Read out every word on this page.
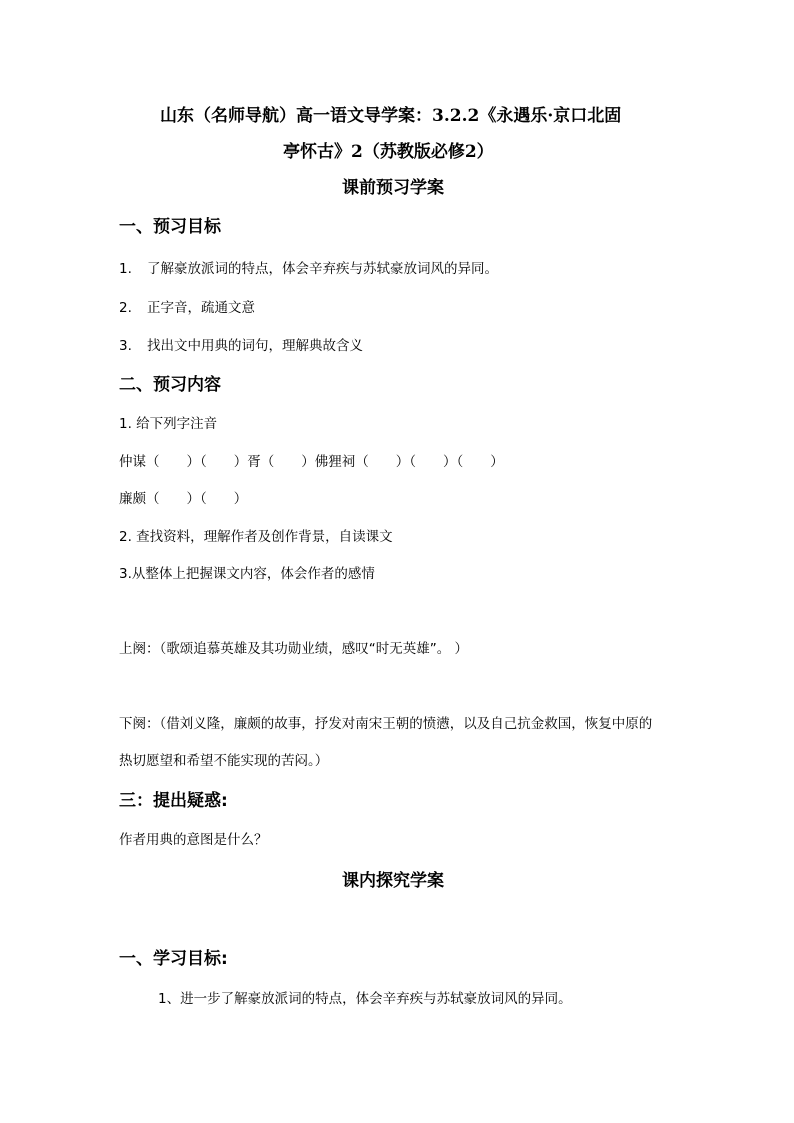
山东（名师导航）高一语文导学案：3.2.2《永遇乐·京口北固
亭怀古》2（苏教版必修2）
课前预习学案
一、预习目标
1. 了解豪放派词的特点，体会辛弃疾与苏轼豪放词风的异同。
2. 正字音，疏通文意
3. 找出文中用典的词句，理解典故含义
二、预习内容
1. 给下列字注音
仲谋（　　）（　　）胥（　　）佛狸祠（　　）（　　）（　　）
廉颇（　　）（　　）
2. 查找资料，理解作者及创作背景，自读课文
3.从整体上把握课文内容，体会作者的感情
上阕：（歌颂追慕英雄及其功勋业绩，感叹“时无英雄”。 ）
下阕：（借刘义隆，廉颇的故事，抒发对南宋王朝的愤懑，以及自己抗金救国，恢复中原的
热切愿望和希望不能实现的苦闷。）
三：提出疑惑:
作者用典的意图是什么？
课内探究学案
一、学习目标:
1、进一步了解豪放派词的特点，体会辛弃疾与苏轼豪放词风的异同。
